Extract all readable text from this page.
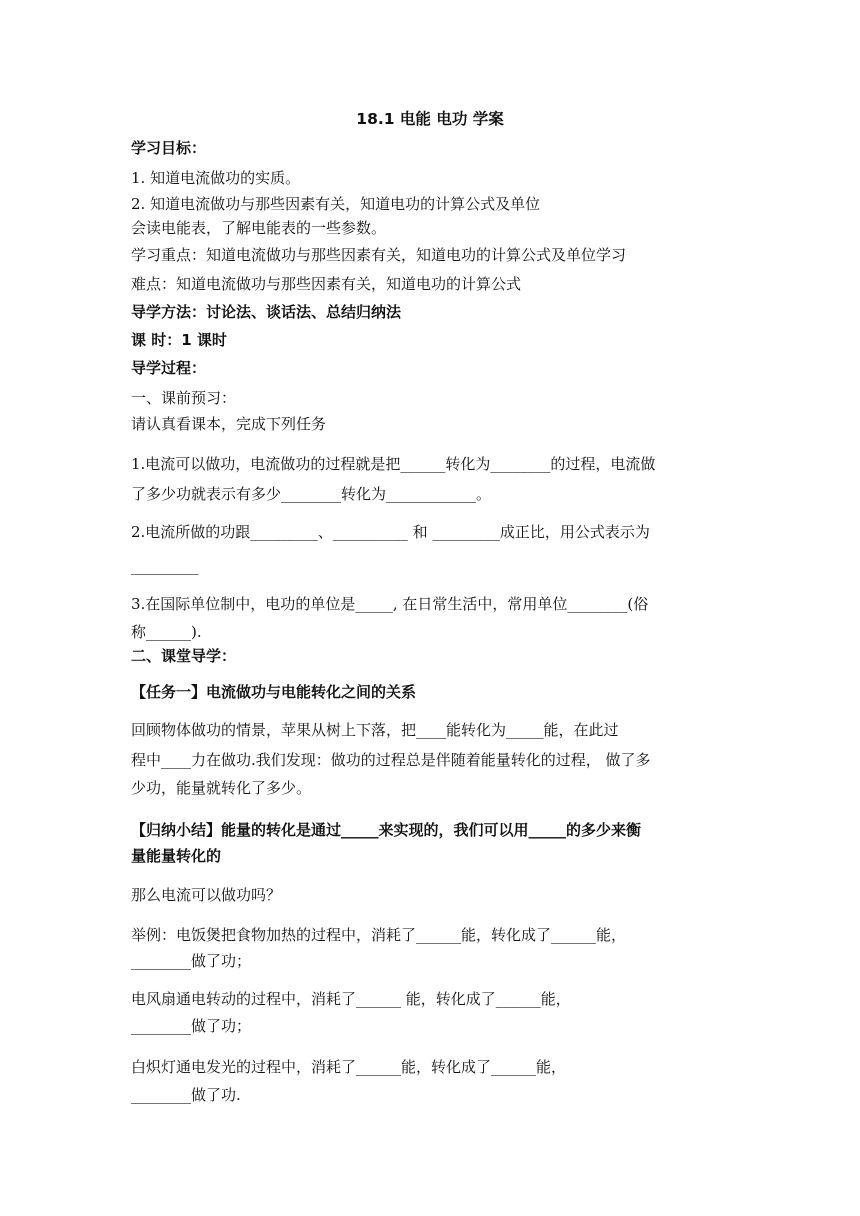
18.1 电能 电功 学案

学习目标：

1. 知道电流做功的实质。

2. 知道电流做功与那些因素有关，知道电功的计算公式及单位

会读电能表，了解电能表的一些参数。

学习重点：知道电流做功与那些因素有关，知道电功的计算公式及单位学习

难点：知道电流做功与那些因素有关，知道电功的计算公式

导学方法：讨论法、谈话法、总结归纳法

课 时：1 课时

导学过程：

一、课前预习：

请认真看课本，完成下列任务

1.电流可以做功，电流做功的过程就是把______转化为________的过程，电流做

了多少功就表示有多少________转化为____________。

2.电流所做的功跟_________、__________ 和 _________成正比，用公式表示为

_________

3.在国际单位制中，电功的单位是_____, 在日常生活中，常用单位________(俗

称______).

二、课堂导学：

【任务一】电流做功与电能转化之间的关系

回顾物体做功的情景，苹果从树上下落，把____能转化为_____能，在此过

程中____力在做功.我们发现：做功的过程总是伴随着能量转化的过程， 做了多

少功，能量就转化了多少。

【归纳小结】能量的转化是通过_____来实现的，我们可以用_____的多少来衡

量能量转化的

那么电流可以做功吗？

举例：电饭煲把食物加热的过程中，消耗了______能，转化成了______能，

________做了功；

电风扇通电转动的过程中，消耗了______ 能，转化成了______能，

________做了功；

白炽灯通电发光的过程中，消耗了______能，转化成了______能，

________做了功.
